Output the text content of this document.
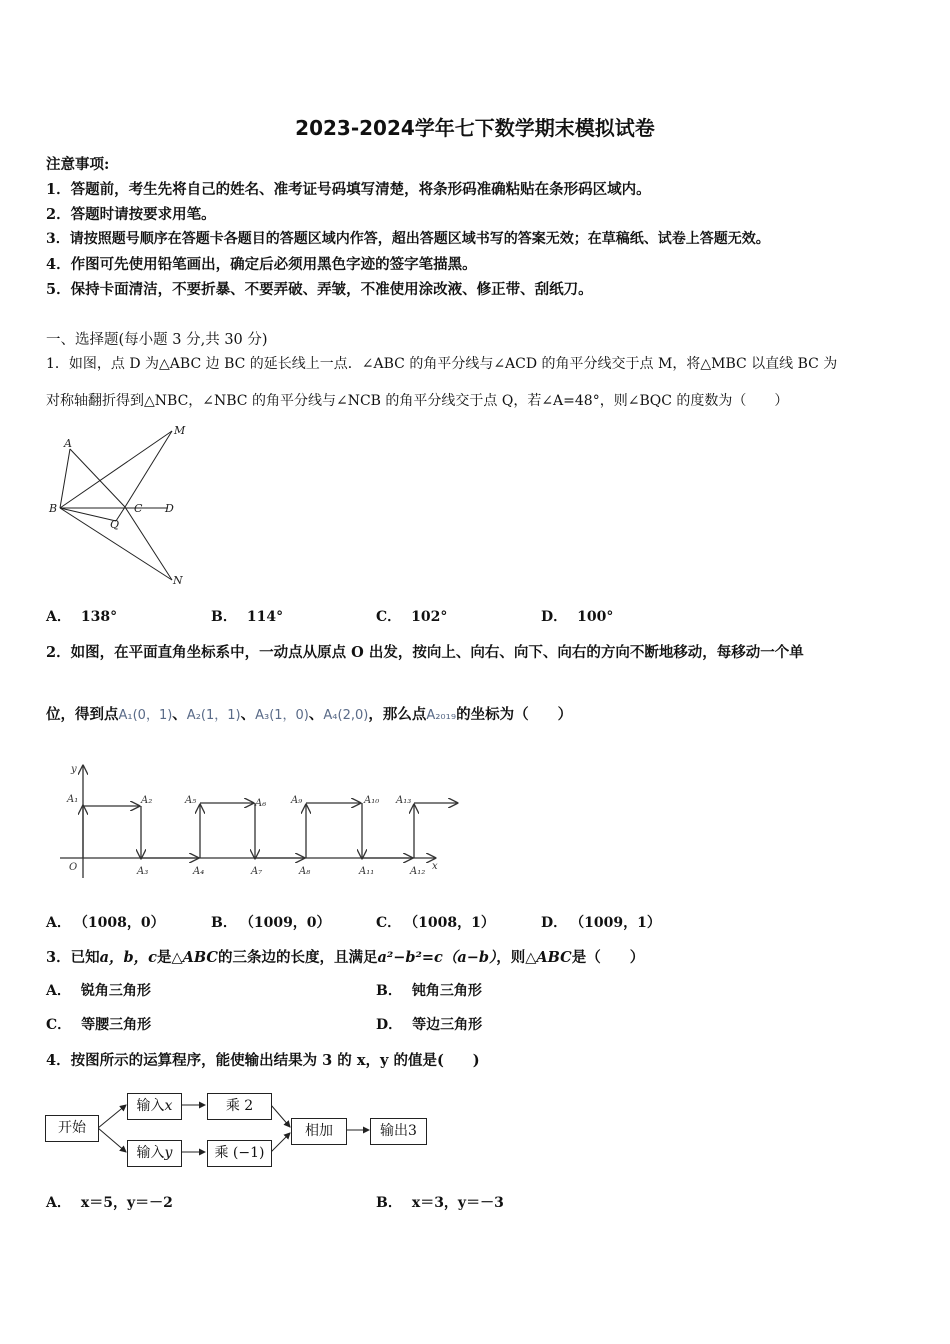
2023-2024学年七下数学期末模拟试卷
注意事项:
1．答题前，考生先将自己的姓名、准考证号码填写清楚，将条形码准确粘贴在条形码区域内。
2．答题时请按要求用笔。
3．请按照题号顺序在答题卡各题目的答题区域内作答，超出答题区域书写的答案无效；在草稿纸、试卷上答题无效。
4．作图可先使用铅笔画出，确定后必须用黑色字迹的签字笔描黑。
5．保持卡面清洁，不要折暴、不要弄破、弄皱，不准使用涂改液、修正带、刮纸刀。
一、选择题(每小题 3 分,共 30 分)
1．如图，点 D 为△ABC 边 BC 的延长线上一点．∠ABC 的角平分线与∠ACD 的角平分线交于点 M，将△MBC 以直线 BC 为
对称轴翻折得到△NBC，∠NBC 的角平分线与∠NCB 的角平分线交于点 Q，若∠A=48°，则∠BQC 的度数为（　　）
A
M
B	C D
Q
N
A． 138°	B． 114°	C． 102°	D． 100°
2．如图，在平面直角坐标系中，一动点从原点 O 出发，按向上、向右、向下、向右的方向不断地移动，每移动一个单
位，得到点A₁(0，1)、A₂(1，1)、A₃(1，0)、A₄(2,0)，那么点A₂₀₁₉的坐标为（　　）
y
x
O
A₁	A₂
A₃	A₄
A₅	A₆
A₇	A₈
A₉	A₁₀
A₁₁	A₁₂
A₁₃
A． （1008，0）	B． （1009，0）	C． （1008，1）	D． （1009，1）
3．已知a，b，c是△ABC的三条边的长度，且满足a²−b²=c（a−b），则△ABC是（　　）
A． 锐角三角形	B． 钝角三角形
C． 等腰三角形	D． 等边三角形
4．按图所示的运算程序，能使输出结果为 3 的 x，y 的值是(　　)
开始
输入x	乘 2
输入y	乘 (−1)
相加	输出3
A． x＝5，y＝－2	B． x＝3，y＝－3
